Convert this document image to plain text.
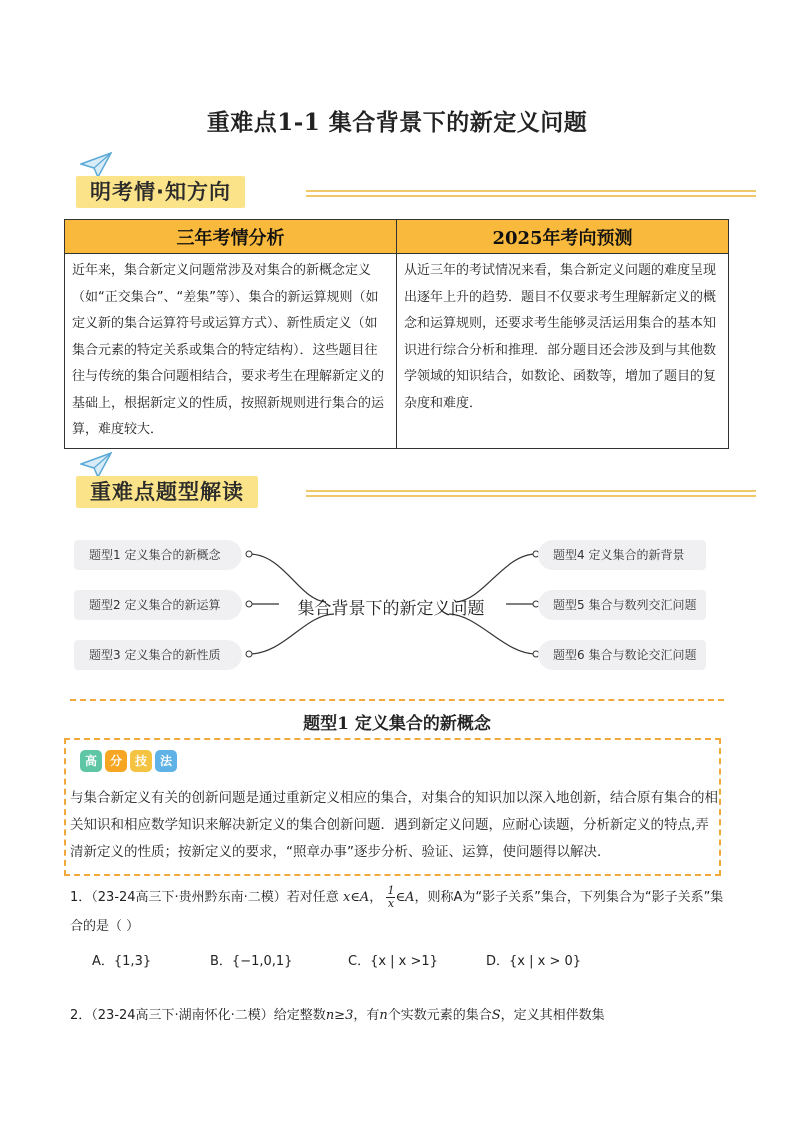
重难点1-1 集合背景下的新定义问题
明考情·知方向
三年考情分析	2025年考向预测
近年来，集合新定义问题常涉及对集合的新概念定义（如“正交集合”、“差集”等）、集合的新运算规则（如定义新的集合运算符号或运算方式）、新性质定义（如集合元素的特定关系或集合的特定结构）．这些题目往往与传统的集合问题相结合，要求考生在理解新定义的基础上，根据新定义的性质，按照新规则进行集合的运算，难度较大．	从近三年的考试情况来看，集合新定义问题的难度呈现出逐年上升的趋势．题目不仅要求考生理解新定义的概念和运算规则，还要求考生能够灵活运用集合的基本知识进行综合分析和推理．部分题目还会涉及到与其他数学领域的知识结合，如数论、函数等，增加了题目的复杂度和难度．
重难点题型解读
题型1 定义集合的新概念
题型2 定义集合的新运算
题型3 定义集合的新性质
集合背景下的新定义问题
题型4 定义集合的新背景
题型5 集合与数列交汇问题
题型6 集合与数论交汇问题
题型1 定义集合的新概念
高 分 技 法
与集合新定义有关的创新问题是通过重新定义相应的集合，对集合的知识加以深入地创新，结合原有集合的相关知识和相应数学知识来解决新定义的集合创新问题．遇到新定义问题，应耐心读题，分析新定义的特点,弄清新定义的性质；按新定义的要求，“照章办事”逐步分析、验证、运算，使问题得以解决．
1．（23-24高三下·贵州黔东南·二模）若对任意 x∈A， $\frac{1}{x}$ ∈A，则称A为“影子关系”集合，下列集合为“影子关系”集合的是（ ）
A．{1,3}	B．{−1,0,1}	C．{x | x >1}	D．{x | x > 0}
2．（23-24高三下·湖南怀化·二模）给定整数n≥3，有n个实数元素的集合S，定义其相伴数集
